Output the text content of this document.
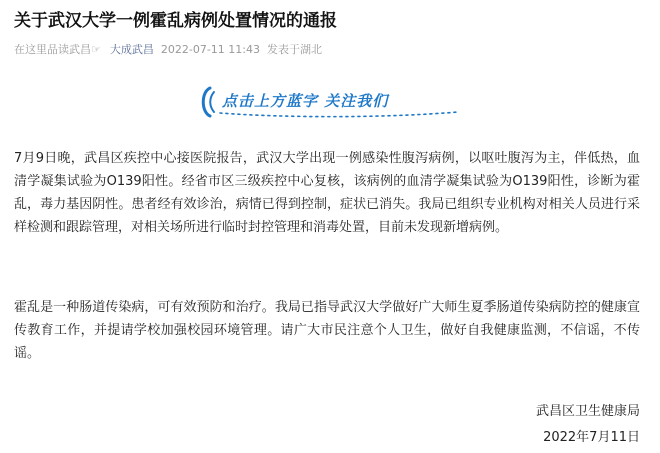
关于武汉大学一例霍乱病例处置情况的通报
在这里品读武昌☞ 大成武昌 2022-07-11 11:43 发表于湖北
点击上方蓝字 关注我们
7月9日晚，武昌区疾控中心接医院报告，武汉大学出现一例感染性腹泻病例，以呕吐腹泻为主，伴低热，血清学凝集试验为O139阳性。经省市区三级疾控中心复核，该病例的血清学凝集试验为O139阳性，诊断为霍乱，毒力基因阴性。患者经有效诊治，病情已得到控制，症状已消失。我局已组织专业机构对相关人员进行采样检测和跟踪管理，对相关场所进行临时封控管理和消毒处置，目前未发现新增病例。
霍乱是一种肠道传染病，可有效预防和治疗。我局已指导武汉大学做好广大师生夏季肠道传染病防控的健康宣传教育工作，并提请学校加强校园环境管理。请广大市民注意个人卫生，做好自我健康监测，不信谣，不传谣。
武昌区卫生健康局
2022年7月11日
